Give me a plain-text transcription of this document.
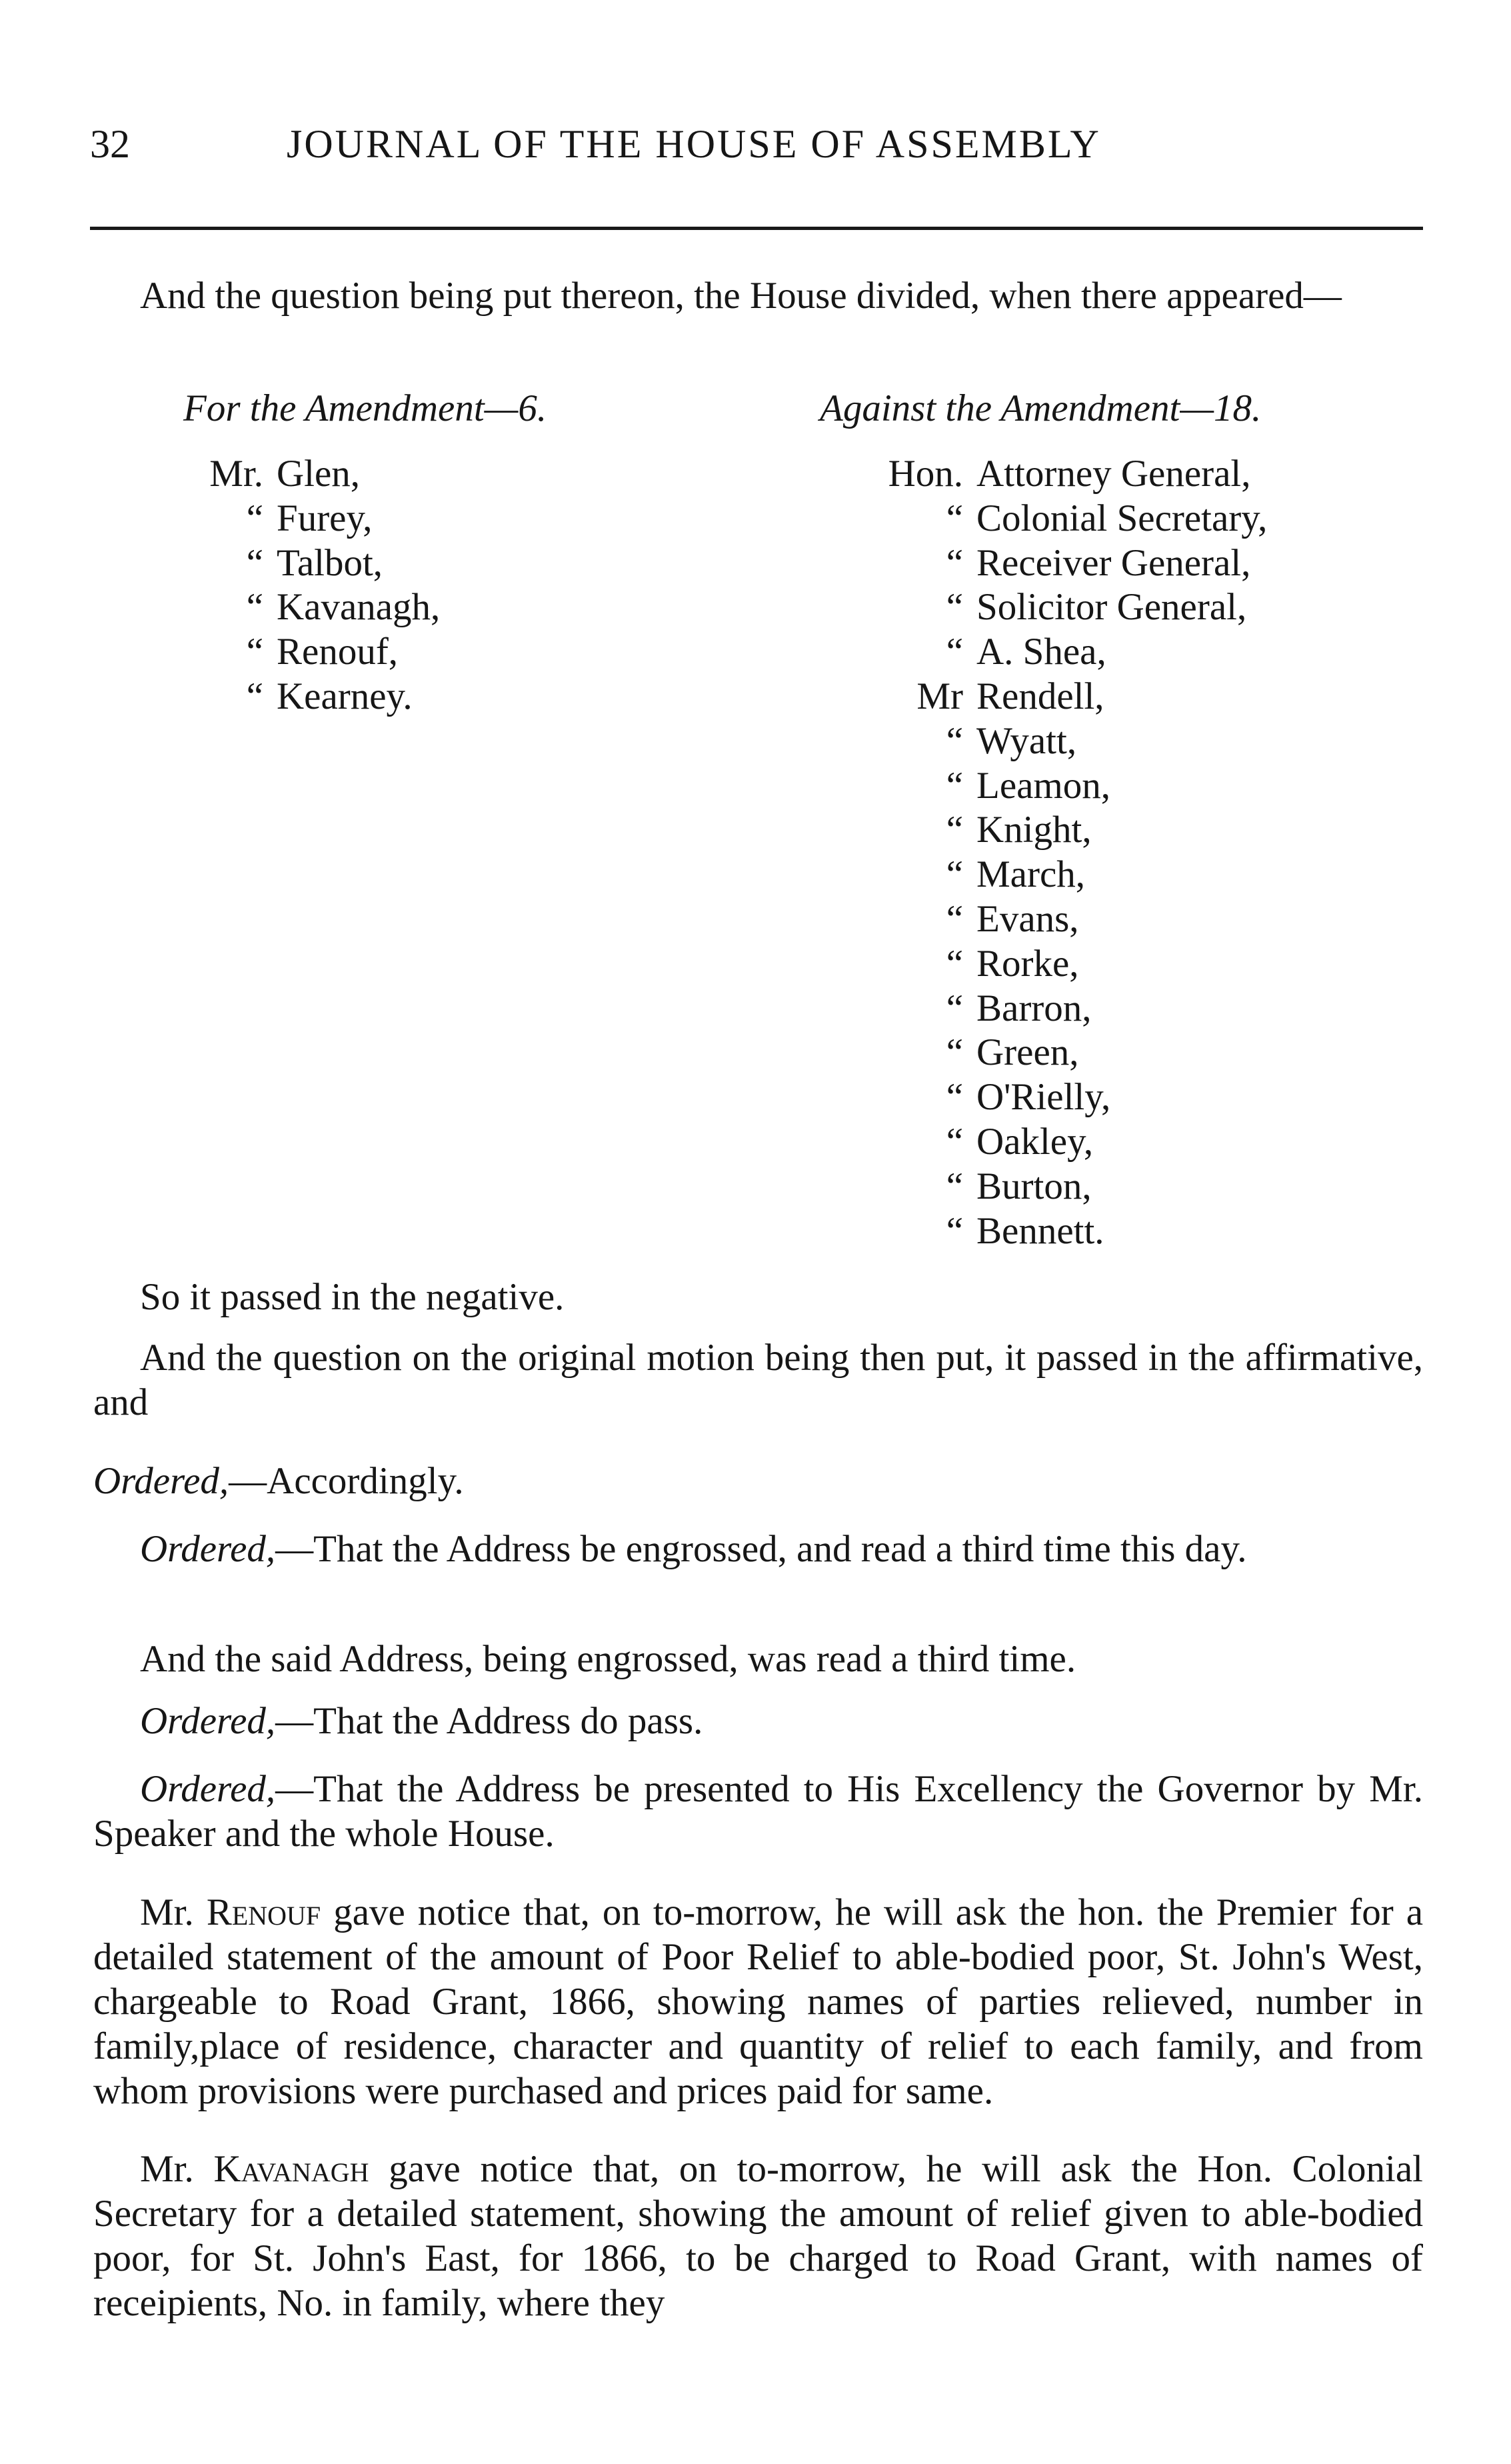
32	JOURNAL OF THE HOUSE OF ASSEMBLY
And the question being put thereon, the House divided, when there appeared—
For the Amendment—6.	Against the Amendment—18.
Mr. Glen,
“ Furey,
“ Talbot,
“ Kavanagh,
“ Renouf,
“ Kearney.
Hon. Attorney General,
“ Colonial Secretary,
“ Receiver General,
“ Solicitor General,
“ A. Shea,
Mr Rendell,
“ Wyatt,
“ Leamon,
“ Knight,
“ March,
“ Evans,
“ Rorke,
“ Barron,
“ Green,
“ O'Rielly,
“ Oakley,
“ Burton,
“ Bennett.
So it passed in the negative.
And the question on the original motion being then put, it passed in the affirmative, and
Ordered,—Accordingly.
Ordered,—That the Address be engrossed, and read a third time this day.
And the said Address, being engrossed, was read a third time.
Ordered,—That the Address do pass.
Ordered,—That the Address be presented to His Excellency the Governor by Mr. Speaker and the whole House.
Mr. Renouf gave notice that, on to-morrow, he will ask the hon. the Premier for a detailed statement of the amount of Poor Relief to able-bodied poor, St. John's West, chargeable to Road Grant, 1866, showing names of parties relieved, number in family,place of residence, character and quantity of relief to each family, and from whom provisions were purchased and prices paid for same.
Mr. Kavanagh gave notice that, on to-morrow, he will ask the Hon. Colonial Secretary for a detailed statement, showing the amount of relief given to able-bodied poor, for St. John's East, for 1866, to be charged to Road Grant, with names of receipients, No. in family, where they
